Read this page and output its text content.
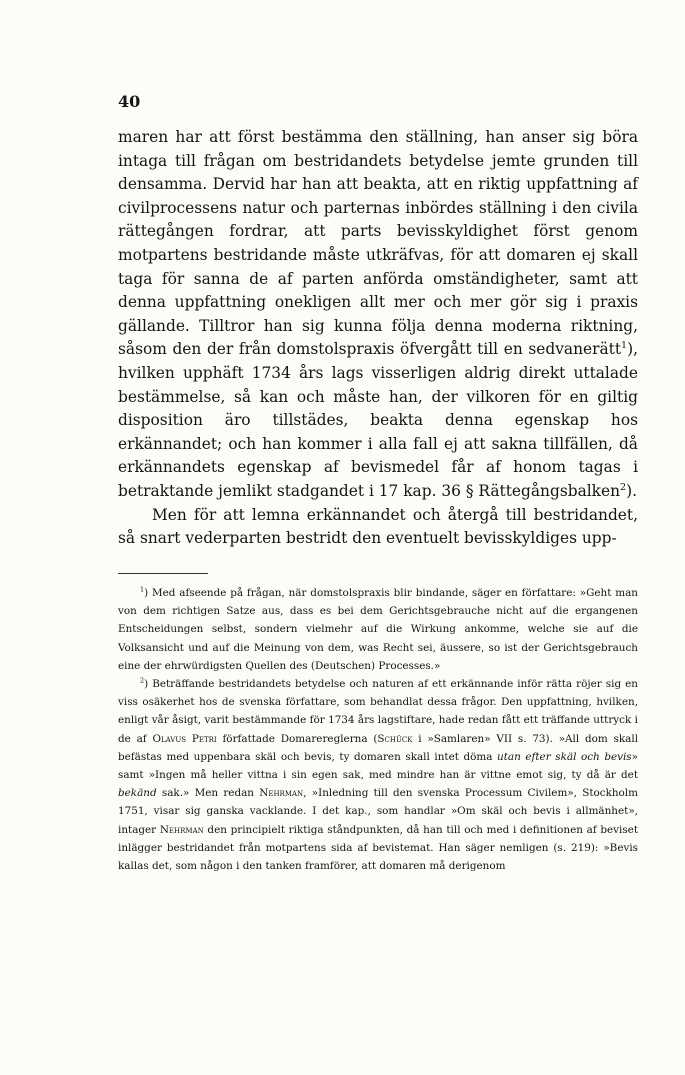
40

maren har att först bestämma den ställning, han anser sig böra intaga till frågan om bestridandets betydelse jemte grunden till densamma. Dervid har han att beakta, att en riktig uppfattning af civilprocessens natur och parternas inbördes ställning i den civila rättegången fordrar, att parts bevisskyldighet först genom motpartens bestridande måste utkräfvas, för att domaren ej skall taga för sanna de af parten anförda omständigheter, samt att denna uppfattning onekligen allt mer och mer gör sig i praxis gällande. Tilltror han sig kunna följa denna moderna riktning, såsom den der från domstolspraxis öfvergått till en sedvanerätt$^1$), hvilken upphäft 1734 års lags visserligen aldrig direkt uttalade bestämmelse, så kan och måste han, der vilkoren för en giltig disposition äro tillstädes, beakta denna egenskap hos erkännandet; och han kommer i alla fall ej att sakna tillfällen, då erkännandets egenskap af bevismedel får af honom tagas i betraktande jemlikt stadgandet i 17 kap. 36 § Rättegångsbalken$^2$).

Men för att lemna erkännandet och återgå till bestridandet, så snart vederparten bestridt den eventuelt bevisskyldiges upp-

$^1$) Med afseende på frågan, när domstolspraxis blir bindande, säger en författare: »Geht man von dem richtigen Satze aus, dass es bei dem Gerichtsgebrauche nicht auf die ergangenen Entscheidungen selbst, sondern vielmehr auf die Wirkung ankomme, welche sie auf die Volksansicht und auf die Meinung von dem, was Recht sei, äussere, so ist der Gerichtsgebrauch eine der ehrwürdigsten Quellen des (Deutschen) Processes.»

$^2$) Beträffande bestridandets betydelse och naturen af ett erkännande inför rätta röjer sig en viss osäkerhet hos de svenska författare, som behandlat dessa frågor. Den uppfattning, hvilken, enligt vår åsigt, varit bestämmande för 1734 års lagstiftare, hade redan fått ett träffande uttryck i de af Olavus Petri författade Domarereglerna (Schück i »Samlaren» VII s. 73). »All dom skall befästas med uppenbara skäl och bevis, ty domaren skall intet döma utan efter skäl och bevis» samt »Ingen må heller vittna i sin egen sak, med mindre han är vittne emot sig, ty då är det bekänd sak.» Men redan Nehrman, »Inledning till den svenska Processum Civilem», Stockholm 1751, visar sig ganska vacklande. I det kap., som handlar »Om skäl och bevis i allmänhet», intager Nehrman den principielt riktiga ståndpunkten, då han till och med i definitionen af beviset inlägger bestridandet från motpartens sida af bevistemat. Han säger nemligen (s. 219): »Bevis kallas det, som någon i den tanken framförer, att domaren må derigenom
